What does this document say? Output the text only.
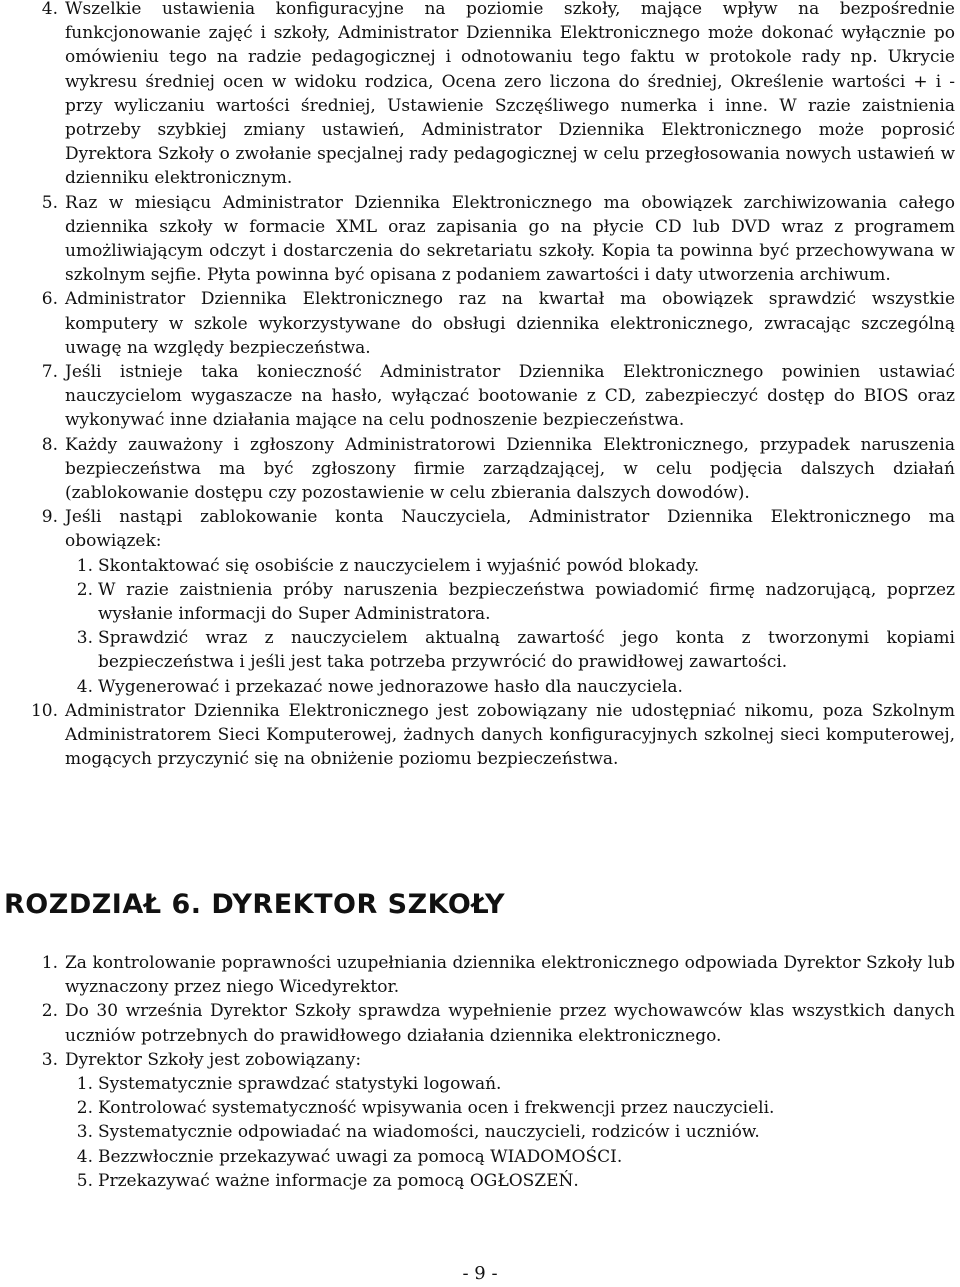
4. Wszelkie ustawienia konfiguracyjne na poziomie szkoły, mające wpływ na bezpośrednie funkcjonowanie zajęć i szkoły, Administrator Dziennika Elektronicznego może dokonać wyłącznie po omówieniu tego na radzie pedagogicznej i odnotowaniu tego faktu w protokole rady np. Ukrycie wykresu średniej ocen w widoku rodzica, Ocena zero liczona do średniej, Określenie wartości + i - przy wyliczaniu wartości średniej, Ustawienie Szczęśliwego numerka i inne. W razie zaistnienia potrzeby szybkiej zmiany ustawień, Administrator Dziennika Elektronicznego może poprosić Dyrektora Szkoły o zwołanie specjalnej rady pedagogicznej w celu przegłosowania nowych ustawień w dzienniku elektronicznym.
5. Raz w miesiącu Administrator Dziennika Elektronicznego ma obowiązek zarchiwizowania całego dziennika szkoły w formacie XML oraz zapisania go na płycie CD lub DVD wraz z programem umożliwiającym odczyt i dostarczenia do sekretariatu szkoły. Kopia ta powinna być przechowywana w szkolnym sejfie. Płyta powinna być opisana z podaniem zawartości i daty utworzenia archiwum.
6. Administrator Dziennika Elektronicznego raz na kwartał ma obowiązek sprawdzić wszystkie komputery w szkole wykorzystywane do obsługi dziennika elektronicznego, zwracając szczególną uwagę na względy bezpieczeństwa.
7. Jeśli istnieje taka konieczność Administrator Dziennika Elektronicznego powinien ustawiać nauczycielom wygaszacze na hasło, wyłączać bootowanie z CD, zabezpieczyć dostęp do BIOS oraz wykonywać inne działania mające na celu podnoszenie bezpieczeństwa.
8. Każdy zauważony i zgłoszony Administratorowi Dziennika Elektronicznego, przypadek naruszenia bezpieczeństwa ma być zgłoszony firmie zarządzającej, w celu podjęcia dalszych działań (zablokowanie dostępu czy pozostawienie w celu zbierania dalszych dowodów).
9. Jeśli nastąpi zablokowanie konta Nauczyciela, Administrator Dziennika Elektronicznego ma obowiązek:
1. Skontaktować się osobiście z nauczycielem i wyjaśnić powód blokady.
2. W razie zaistnienia próby naruszenia bezpieczeństwa powiadomić firmę nadzorującą, poprzez wysłanie informacji do Super Administratora.
3. Sprawdzić wraz z nauczycielem aktualną zawartość jego konta z tworzonymi kopiami bezpieczeństwa i jeśli jest taka potrzeba przywrócić do prawidłowej zawartości.
4. Wygenerować i przekazać nowe jednorazowe hasło dla nauczyciela.
10. Administrator Dziennika Elektronicznego jest zobowiązany nie udostępniać nikomu, poza Szkolnym Administratorem Sieci Komputerowej, żadnych danych konfiguracyjnych szkolnej sieci komputerowej, mogących przyczynić się na obniżenie poziomu bezpieczeństwa.
ROZDZIAŁ 6. DYREKTOR SZKOŁY
1. Za kontrolowanie poprawności uzupełniania dziennika elektronicznego odpowiada Dyrektor Szkoły lub wyznaczony przez niego Wicedyrektor.
2. Do 30 września Dyrektor Szkoły sprawdza wypełnienie przez wychowawców klas wszystkich danych uczniów potrzebnych do prawidłowego działania dziennika elektronicznego.
3. Dyrektor Szkoły jest zobowiązany:
1. Systematycznie sprawdzać statystyki logowań.
2. Kontrolować systematyczność wpisywania ocen i frekwencji przez nauczycieli.
3. Systematycznie odpowiadać na wiadomości, nauczycieli, rodziców i uczniów.
4. Bezzwłocznie przekazywać uwagi za pomocą WIADOMOŚCI.
5. Przekazywać ważne informacje za pomocą OGŁOSZEŃ.
- 9 -
